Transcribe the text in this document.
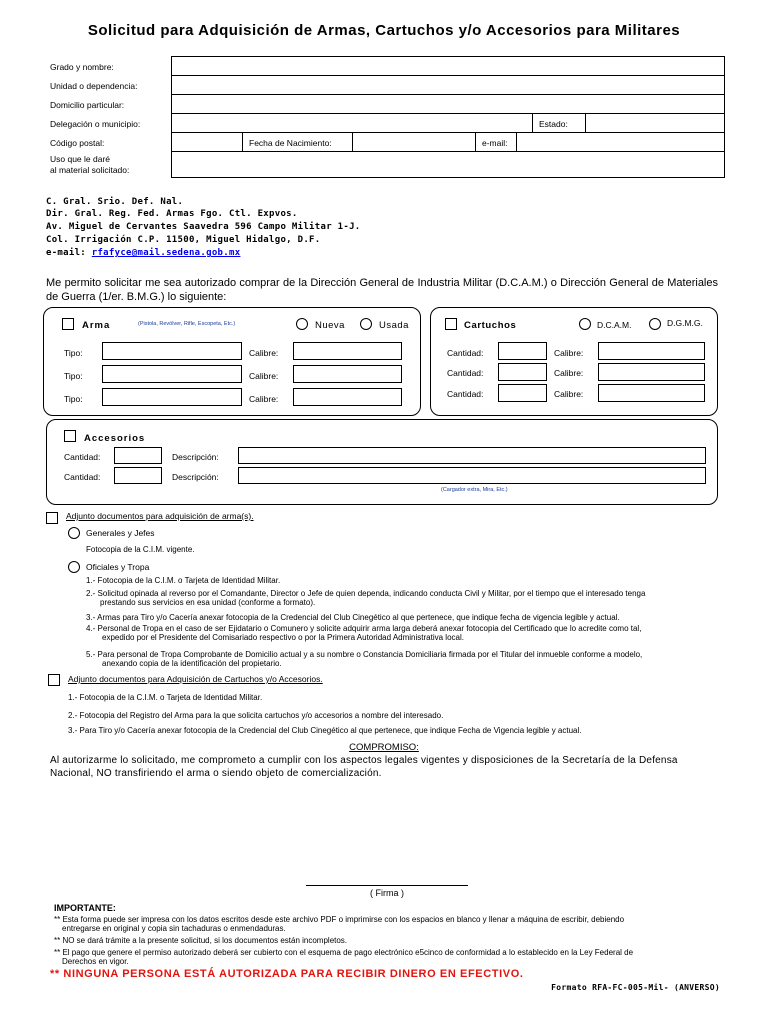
Solicitud para Adquisición de Armas, Cartuchos y/o Accesorios para Militares
Grado y nombre:
Unidad o dependencia:
Domicilio particular:
Delegación o municipio:	Estado:
Código postal:	Fecha de Nacimiento:	e-mail:
Uso que le daré
al material solicitado:
C. Gral. Srio. Def. Nal.
Dir. Gral. Reg. Fed. Armas Fgo. Ctl. Expvos.
Av. Miguel de Cervantes Saavedra 596 Campo Militar 1-J.
Col. Irrigación C.P. 11500, Miguel Hidalgo, D.F.
e-mail: rfafyce@mail.sedena.gob.mx
Me permito solicitar me sea autorizado comprar de la Dirección General de Industria Militar (D.C.A.M.) o Dirección General de Materiales de Guerra (1/er. B.M.G.) lo siguiente:
Arma	(Pistola, Revólver, Rifle, Escopeta, Etc.)	Nueva	Usada
Tipo:	Calibre:
Tipo:	Calibre:
Tipo:	Calibre:
Cartuchos	D.C.A.M.	D.G.M.G.
Cantidad:	Calibre:
Cantidad:	Calibre:
Cantidad:	Calibre:
Accesorios
Cantidad:	Descripción:
Cantidad:	Descripción:
(Cargador extra, Mira, Etc.)
Adjunto documentos para adquisición de arma(s).
Generales y Jefes
Fotocopia de la C.I.M. vigente.
Oficiales y Tropa
1.- Fotocopia de la C.I.M. o Tarjeta de Identidad Militar.
2.- Solicitud opinada al reverso por el Comandante, Director o Jefe de quien dependa, indicando conducta Civil y Militar, por el tiempo que el interesado tenga
prestando sus servicios en esa unidad (conforme a formato).
3.- Armas para Tiro y/o Cacería anexar fotocopia de la Credencial del Club Cinegético al que pertenece, que indique fecha de vigencia legible y actual.
4.- Personal de Tropa en el caso de ser Ejidatario o Comunero y solicite adquirir arma larga deberá anexar fotocopia del Certificado que lo acredite como tal,
expedido por el Presidente del Comisariado respectivo o por la Primera Autoridad Administrativa local.
5.- Para personal de Tropa Comprobante de Domicilio actual y a su nombre o Constancia Domiciliaria firmada por el Titular del inmueble conforme a modelo,
anexando copia de la identificación del propietario.
Adjunto documentos para Adquisición de Cartuchos y/o Accesorios.
1.- Fotocopia de la C.I.M. o Tarjeta de Identidad Militar.
2.- Fotocopia del Registro del Arma para la que solicita cartuchos y/o accesorios a nombre del interesado.
3.- Para Tiro y/o Cacería anexar fotocopia de la Credencial del Club Cinegético al que pertenece, que indique Fecha de Vigencia legible y actual.
COMPROMISO:
Al autorizarme lo solicitado, me comprometo a cumplir con los aspectos legales vigentes y disposiciones de la Secretaría de la Defensa Nacional, NO transfiriendo el arma o siendo objeto de comercialización.
( Firma )
IMPORTANTE:
** Esta forma puede ser impresa con los datos escritos desde este archivo PDF o imprimirse con los espacios en blanco y llenar a máquina de escribir, debiendo
entregarse en original y copia sin tachaduras o enmendaduras.
** NO se dará trámite a la presente solicitud, si los documentos están incompletos.
** El pago que genere el permiso autorizado deberá ser cubierto con el esquema de pago electrónico e5cinco de conformidad a lo establecido en la Ley Federal de
Derechos en vigor.
** NINGUNA PERSONA ESTÁ AUTORIZADA PARA RECIBIR DINERO EN EFECTIVO.
Formato RFA-FC-005-Mil- (ANVERSO)
